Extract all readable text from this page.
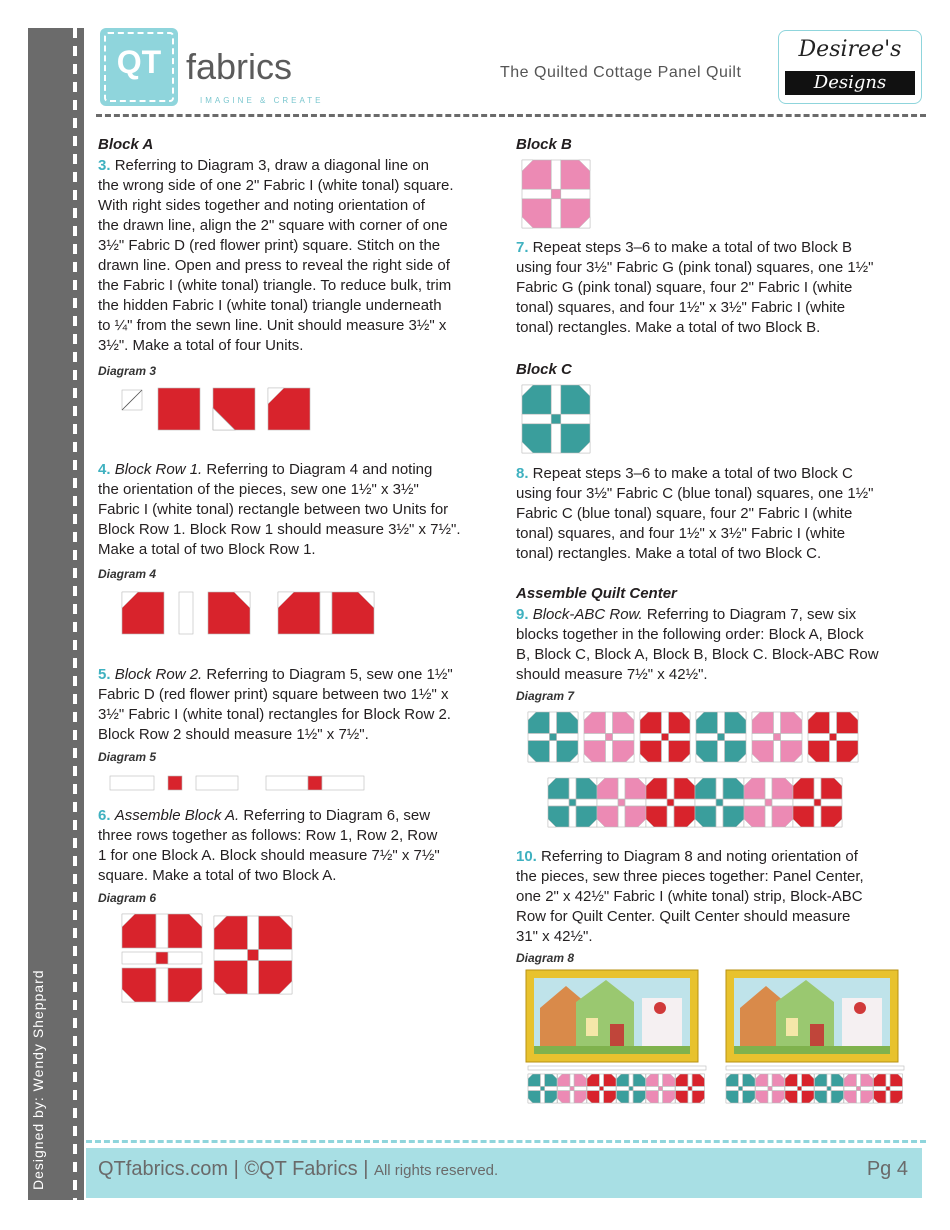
Designed by: Wendy Sheppard
QT fabrics
IMAGINE & CREATE
The Quilted Cottage Panel Quilt
Desiree's
Designs
Block A
3. Referring to Diagram 3, draw a diagonal line on
the wrong side of one 2" Fabric I (white tonal) square.
With right sides together and noting orientation of
the drawn line, align the 2" square with corner of one
3½" Fabric D (red flower print) square. Stitch on the
drawn line. Open and press to reveal the right side of
the Fabric I (white tonal) triangle. To reduce bulk, trim
the hidden Fabric I (white tonal) triangle underneath
to ¼" from the sewn line. Unit should measure 3½" x
3½". Make a total of four Units.
Diagram 3
4. Block Row 1. Referring to Diagram 4 and noting
the orientation of the pieces, sew one 1½" x 3½"
Fabric I (white tonal) rectangle between two Units for
Block Row 1. Block Row 1 should measure 3½" x 7½".
Make a total of two Block Row 1.
Diagram 4
5. Block Row 2. Referring to Diagram 5, sew one 1½"
Fabric D (red flower print) square between two 1½" x
3½" Fabric I (white tonal) rectangles for Block Row 2.
Block Row 2 should measure 1½" x 7½".
Diagram 5
6. Assemble Block A. Referring to Diagram 6, sew
three rows together as follows: Row 1, Row 2, Row
1 for one Block A. Block should measure 7½" x 7½"
square. Make a total of two Block A.
Diagram 6
Block B
7. Repeat steps 3–6 to make a total of two Block B
using four 3½" Fabric G (pink tonal) squares, one 1½"
Fabric G (pink tonal) square, four 2" Fabric I (white
tonal) squares, and four 1½" x 3½" Fabric I (white
tonal) rectangles. Make a total of two Block B.
Block C
8. Repeat steps 3–6 to make a total of two Block C
using four 3½" Fabric C (blue tonal) squares, one 1½"
Fabric C (blue tonal) square, four 2" Fabric I (white
tonal) squares, and four 1½" x 3½" Fabric I (white
tonal) rectangles. Make a total of two Block C.
Assemble Quilt Center
9. Block-ABC Row. Referring to Diagram 7, sew six
blocks together in the following order: Block A, Block
B, Block C, Block A, Block B, Block C. Block-ABC Row
should measure 7½" x 42½".
Diagram 7
10. Referring to Diagram 8 and noting orientation of
the pieces, sew three pieces together: Panel Center,
one 2" x 42½" Fabric I (white tonal) strip, Block-ABC
Row for Quilt Center. Quilt Center should measure
31" x 42½".
Diagram 8
QTfabrics.com | ©QT Fabrics | All rights reserved.	Pg 4
